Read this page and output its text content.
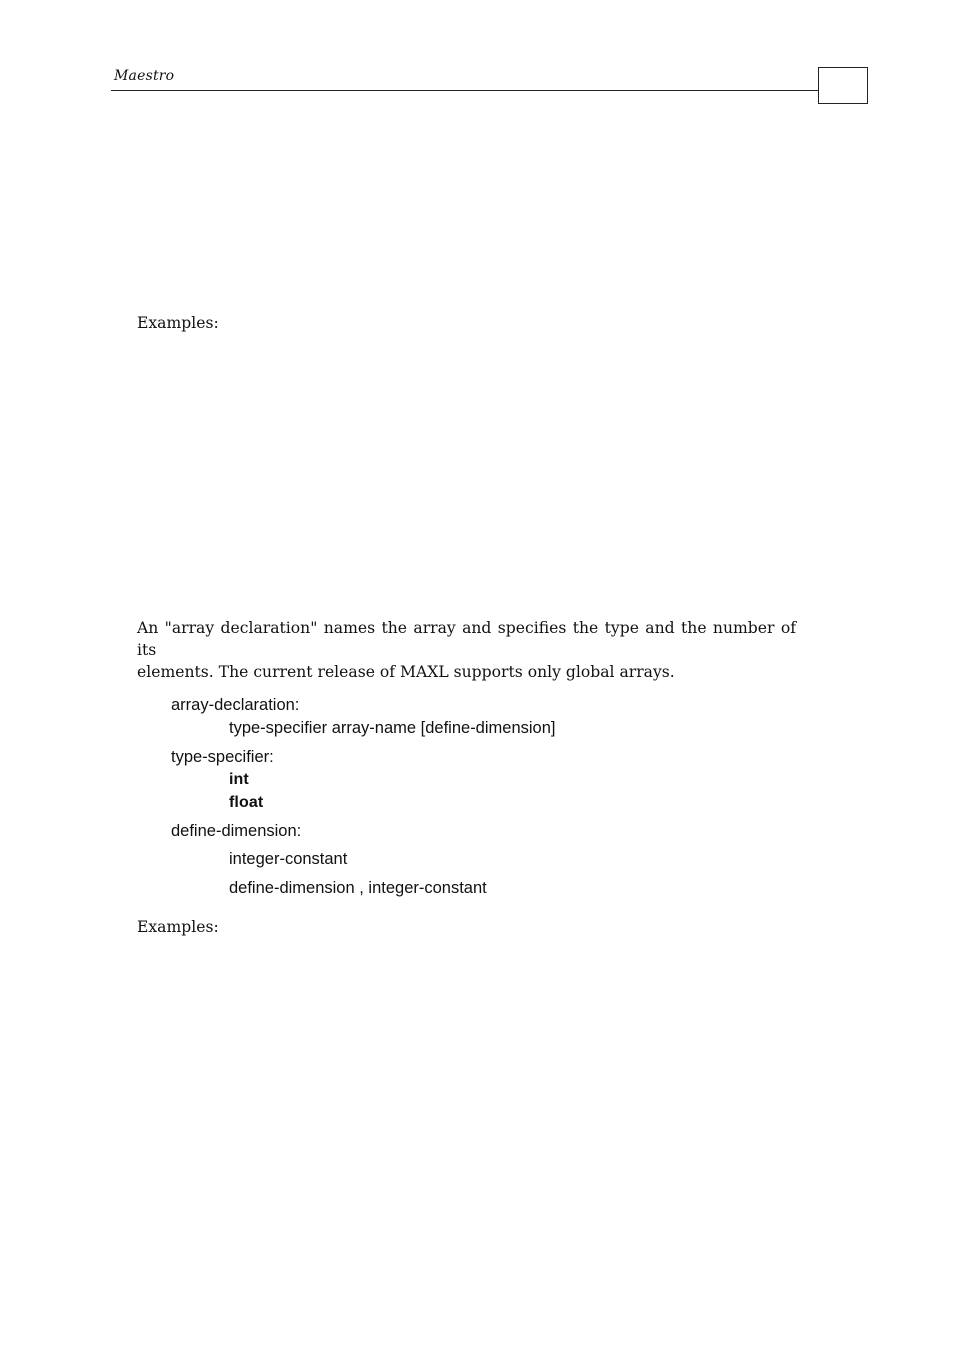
Maestro
Examples:
An "array declaration" names the array and specifies the type and the number of its
elements. The current release of MAXL supports only global arrays.
array-declaration:
type-specifier array-name [define-dimension]
type-specifier:
int
float
define-dimension:
integer-constant
define-dimension , integer-constant
Examples:
